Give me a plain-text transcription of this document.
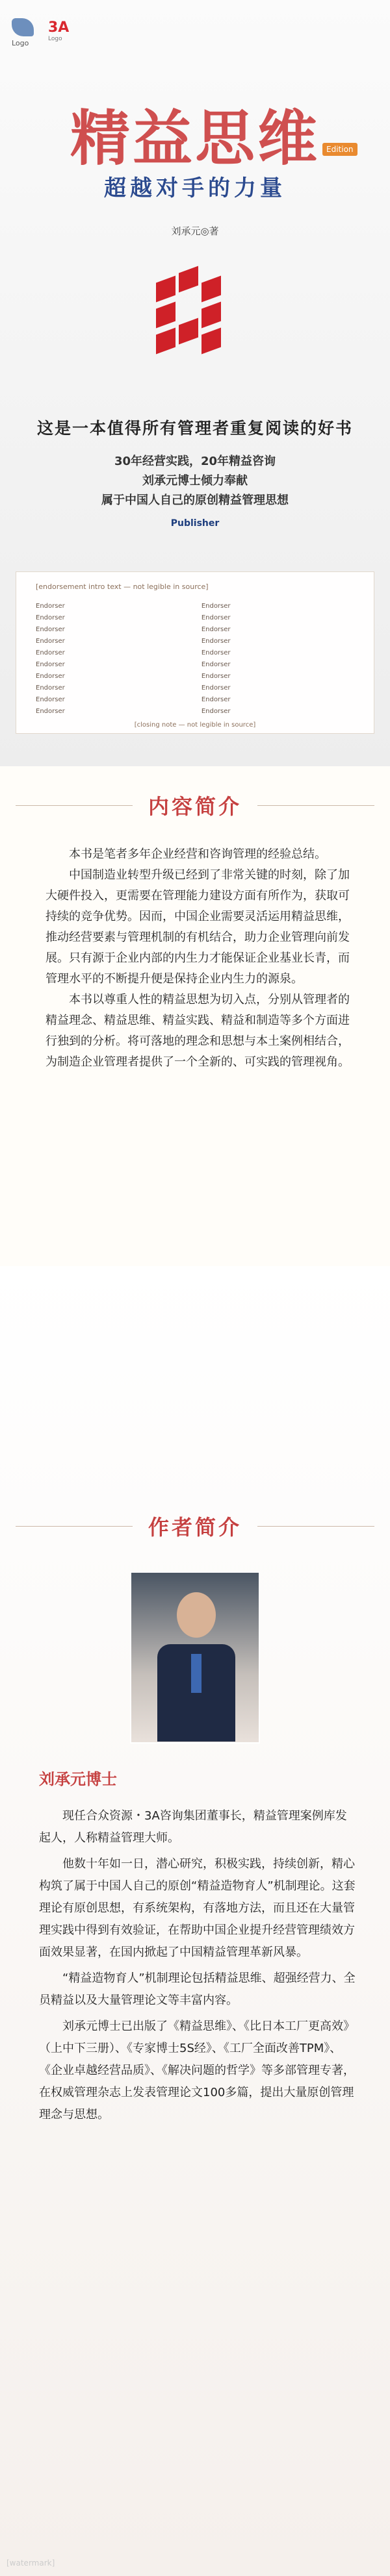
Logo
3A
Logo
精益思维 Edition
超越对手的力量
刘承元◎著
这是一本值得所有管理者重复阅读的好书
30年经营实践，20年精益咨询
刘承元博士倾力奉献
属于中国人自己的原创精益管理思想
Publisher
[endorsement intro text — not legible in source]

Endorser

Endorser

Endorser

Endorser

Endorser

Endorser

Endorser

Endorser

Endorser

Endorser

Endorser

Endorser

Endorser

Endorser

Endorser

Endorser

Endorser

Endorser

Endorser

Endorser

[closing note — not legible in source]
内容简介

本书是笔者多年企业经营和咨询管理的经验总结。

中国制造业转型升级已经到了非常关键的时刻，除了加大硬件投入，更需要在管理能力建设方面有所作为，获取可持续的竞争优势。因而，中国企业需要灵活运用精益思维，推动经营要素与管理机制的有机结合，助力企业管理向前发展。只有源于企业内部的内生力才能保证企业基业长青，而管理水平的不断提升便是保持企业内生力的源泉。

本书以尊重人性的精益思想为切入点，分别从管理者的精益理念、精益思维、精益实践、精益和制造等多个方面进行独到的分析。将可落地的理念和思想与本土案例相结合，为制造企业管理者提供了一个全新的、可实践的管理视角。

作者简介
刘承元博士

现任合众资源・3A咨询集团董事长，精益管理案例库发起人，人称精益管理大师。

他数十年如一日，潜心研究，积极实践，持续创新，精心构筑了属于中国人自己的原创“精益造物育人”机制理论。这套理论有原创思想，有系统架构，有落地方法，而且还在大量管理实践中得到有效验证，在帮助中国企业提升经营管理绩效方面效果显著，在国内掀起了中国精益管理革新风暴。

“精益造物育人”机制理论包括精益思维、超强经营力、全员精益以及大量管理论文等丰富内容。

刘承元博士已出版了《精益思维》、《比日本工厂更高效》（上中下三册）、《专家博士5S经》、《工厂全面改善TPM》、《企业卓越经营品质》、《解决问题的哲学》等多部管理专著，在权威管理杂志上发表管理论文100多篇，提出大量原创管理理念与思想。

[watermark]
